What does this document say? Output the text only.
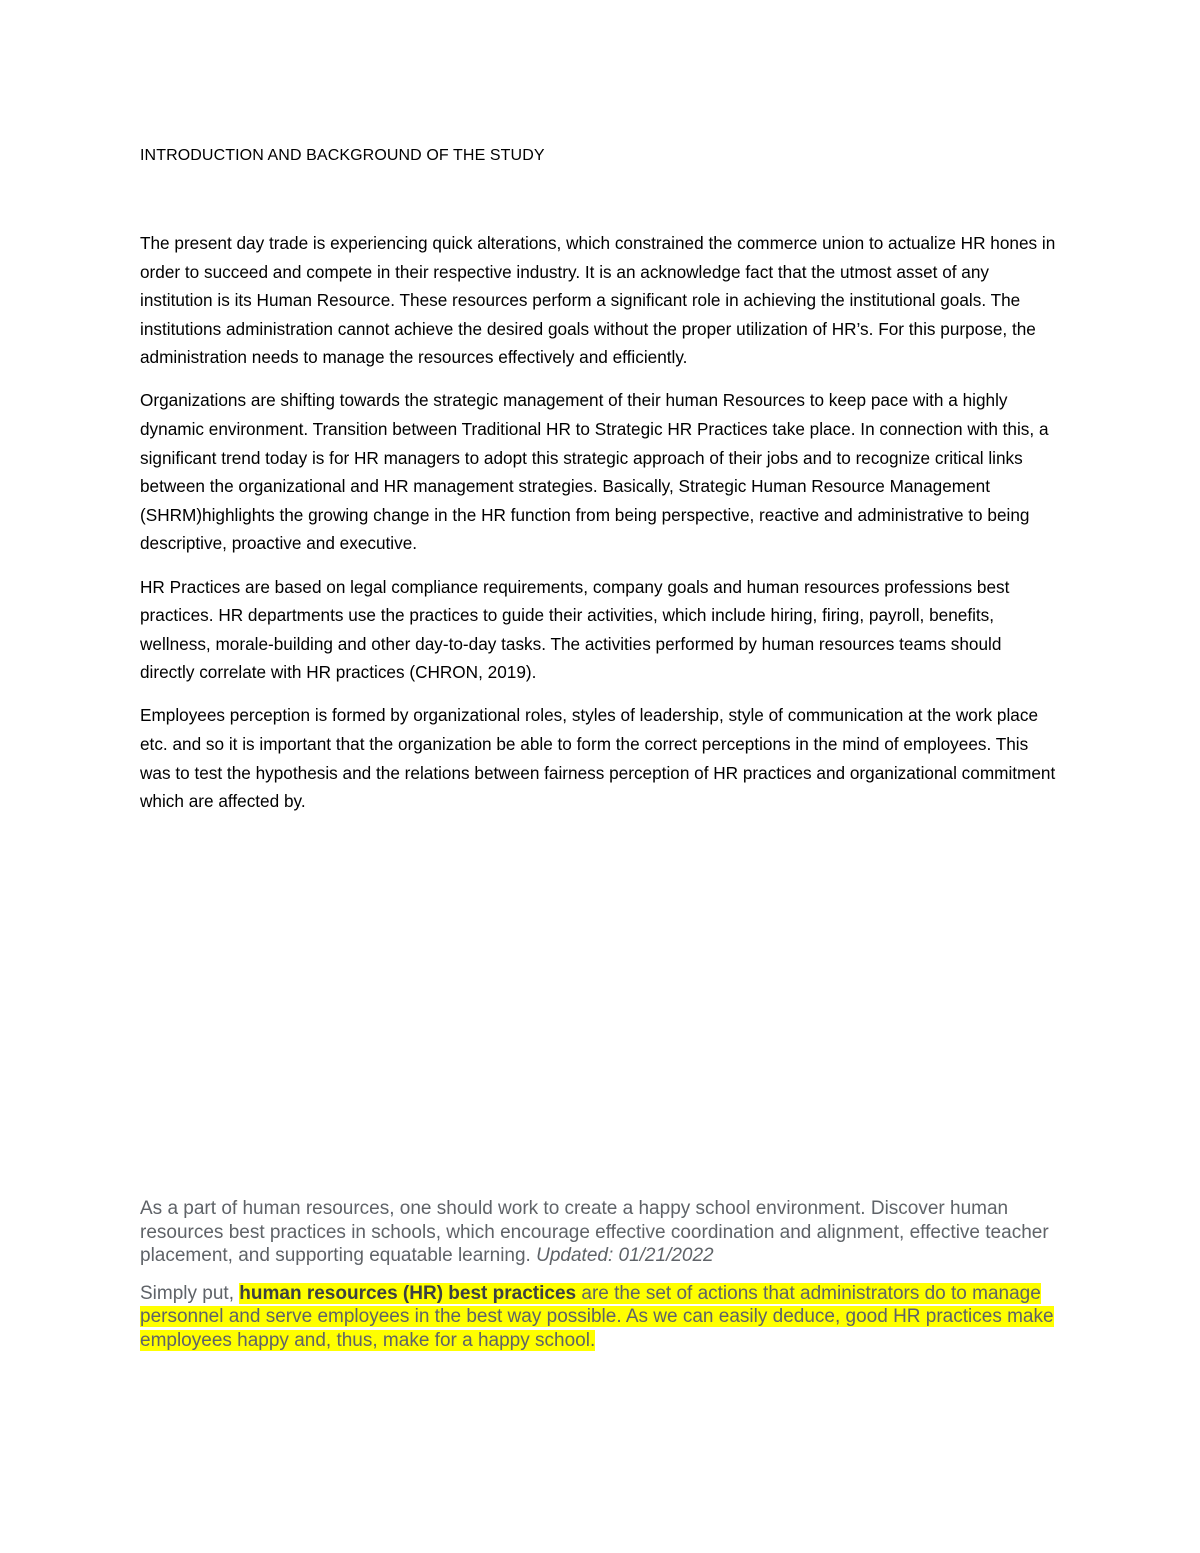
INTRODUCTION AND BACKGROUND OF THE STUDY

The present day trade is experiencing quick alterations, which constrained the commerce union to actualize HR hones in order to succeed and compete in their respective industry. It is an acknowledge fact that the utmost asset of any institution is its Human Resource. These resources perform a significant role in achieving the institutional goals. The institutions administration cannot achieve the desired goals without the proper utilization of HR’s. For this purpose, the administration needs to manage the resources effectively and efficiently.

Organizations are shifting towards the strategic management of their human Resources to keep pace with a highly dynamic environment. Transition between Traditional HR to Strategic HR Practices take place. In connection with this, a significant trend today is for HR managers to adopt this strategic approach of their jobs and to recognize critical links between the organizational and HR management strategies. Basically, Strategic Human Resource Management (SHRM)highlights the growing change in the HR function from being perspective, reactive and administrative to being descriptive, proactive and executive.

HR Practices are based on legal compliance requirements, company goals and human resources professions best practices. HR departments use the practices to guide their activities, which include hiring, firing, payroll, benefits, wellness, morale-building and other day-to-day tasks. The activities performed by human resources teams should directly correlate with HR practices (CHRON, 2019).

Employees perception is formed by organizational roles, styles of leadership, style of communication at the work place etc. and so it is important that the organization be able to form the correct perceptions in the mind of employees. This was to test the hypothesis and the relations between fairness perception of HR practices and organizational commitment which are affected by.

As a part of human resources, one should work to create a happy school environment. Discover human resources best practices in schools, which encourage effective coordination and alignment, effective teacher placement, and supporting equatable learning. Updated: 01/21/2022

Simply put, human resources (HR) best practices are the set of actions that administrators do to manage personnel and serve employees in the best way possible. As we can easily deduce, good HR practices make employees happy and, thus, make for a happy school.
